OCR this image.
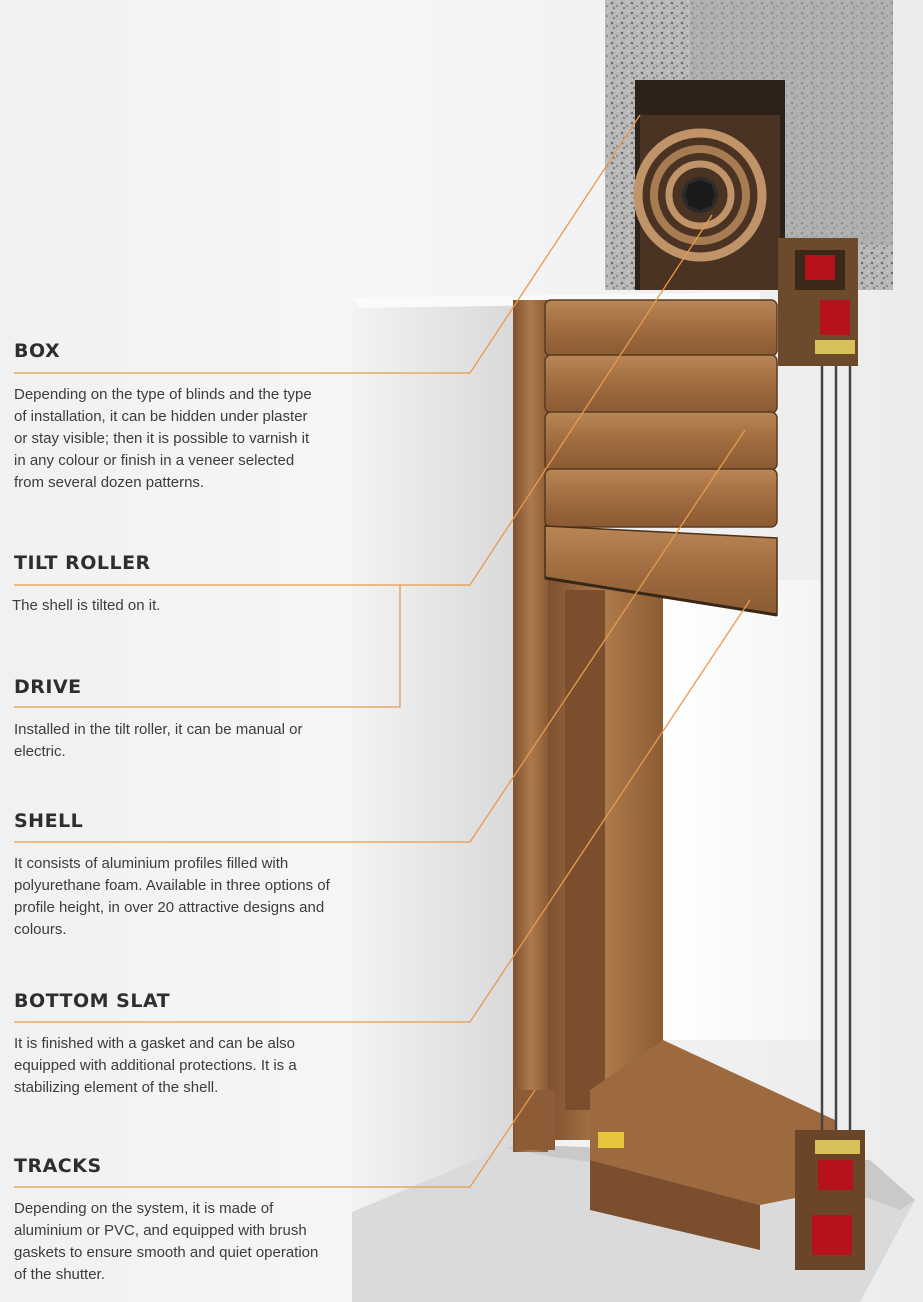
BOX

Depending on the type of blinds and the type of installation, it can be hidden under plaster or stay visible; then it is possible to varnish it in any colour or finish in a veneer selected from several dozen patterns.

TILT ROLLER

The shell is tilted on it.

DRIVE

Installed in the tilt roller, it can be manual or electric.

SHELL

It consists of aluminium profiles filled with polyurethane foam. Available in three options of profile height, in over 20 attractive designs and colours.

BOTTOM SLAT

It is finished with a gasket and can be also equipped with additional protections. It is a stabilizing element of the shell.

TRACKS

Depending on the system, it is made of aluminium or PVC, and equipped with brush gaskets to ensure smooth and quiet operation of the shutter.
